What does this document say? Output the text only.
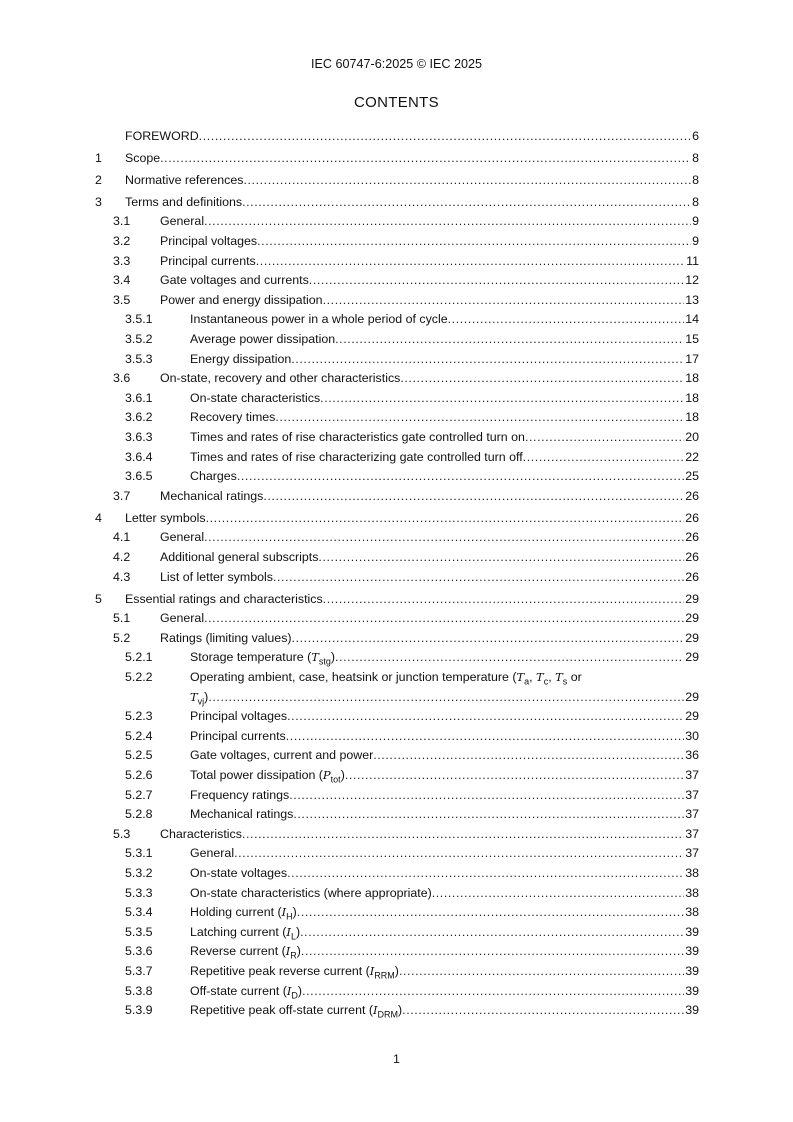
IEC 60747-6:2025 © IEC 2025
CONTENTS
FOREWORD .....	6
1	Scope .....	8
2	Normative references .....	8
3	Terms and definitions .....	8
3.1	General .....	9
3.2	Principal voltages .....	9
3.3	Principal currents .....	11
3.4	Gate voltages and currents .....	12
3.5	Power and energy dissipation .....	13
3.5.1	Instantaneous power in a whole period of cycle .....	14
3.5.2	Average power dissipation .....	15
3.5.3	Energy dissipation .....	17
3.6	On-state, recovery and other characteristics .....	18
3.6.1	On-state characteristics .....	18
3.6.2	Recovery times .....	18
3.6.3	Times and rates of rise characteristics gate controlled turn on .....	20
3.6.4	Times and rates of rise characterizing gate controlled turn off .....	22
3.6.5	Charges .....	25
3.7	Mechanical ratings .....	26
4	Letter symbols .....	26
4.1	General .....	26
4.2	Additional general subscripts .....	26
4.3	List of letter symbols .....	26
5	Essential ratings and characteristics .....	29
5.1	General .....	29
5.2	Ratings (limiting values) .....	29
5.2.1	Storage temperature $(T_{stg})$ .....	29
5.2.2	Operating ambient, case, heatsink or junction temperature ($T_a$, $T_c$, $T_s$ or
$T_{vj}$) .....	29
5.2.3	Principal voltages .....	29
5.2.4	Principal currents .....	30
5.2.5	Gate voltages, current and power .....	36
5.2.6	Total power dissipation $(P_{tot})$ .....	37
5.2.7	Frequency ratings .....	37
5.2.8	Mechanical ratings .....	37
5.3	Characteristics .....	37
5.3.1	General .....	37
5.3.2	On-state voltages .....	38
5.3.3	On-state characteristics (where appropriate) .....	38
5.3.4	Holding current $(I_H)$ .....	38
5.3.5	Latching current $(I_L)$ .....	39
5.3.6	Reverse current $(I_R)$ .....	39
5.3.7	Repetitive peak reverse current $(I_{RRM})$ .....	39
5.3.8	Off-state current $(I_D)$ .....	39
5.3.9	Repetitive peak off-state current $(I_{DRM})$ .....	39
1
